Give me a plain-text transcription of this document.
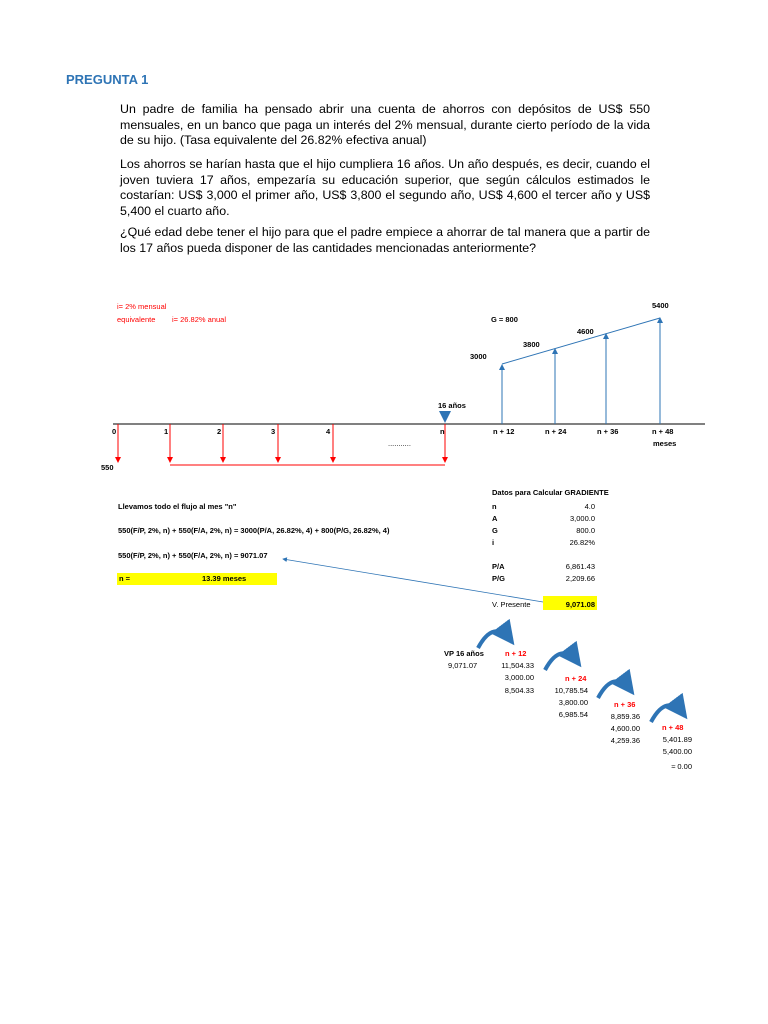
PREGUNTA 1
Un padre de familia ha pensado abrir una cuenta de ahorros con depósitos de US$ 550 mensuales, en un banco que paga un interés del 2% mensual, durante cierto período de la vida de su hijo. (Tasa equivalente del 26.82% efectiva anual)
Los ahorros se harían hasta que el hijo cumpliera 16 años. Un año después, es decir, cuando el joven tuviera 17 años, empezaría su educación superior, que según cálculos estimados le costarían: US$ 3,000 el primer año, US$ 3,800 el segundo año, US$ 4,600 el tercer año y US$ 5,400 el cuarto año.
¿Qué edad debe tener el hijo para que el padre empiece a ahorrar de tal manera que a partir de los 17 años pueda disponer de las cantidades mencionadas anteriormente?
i= 2% mensual
equivalente i= 26.82% anual	G = 800
5400
4600
3800
3000
16 años
0	1	2	3	4	n	n + 12	n + 24	n + 36	n + 48
meses
...........
550
Llevamos todo el flujo al mes "n"
550(F/P, 2%, n) + 550(F/A, 2%, n) = 3000(P/A, 26.82%, 4) + 800(P/G, 26.82%, 4)
550(F/P, 2%, n) + 550(F/A, 2%, n) = 9071.07
n =	13.39 meses
Datos para Calcular GRADIENTE
n	4.0
A	3,000.0
G	800.0
i	26.82%
P/A	6,861.43
P/G	2,209.66
V. Presente	9,071.08
VP 16 años
9,071.07
n + 12
11,504.33
3,000.00
8,504.33
n + 24
10,785.54
3,800.00
6,985.54
n + 36
8,859.36
4,600.00
4,259.36
n + 48
5,401.89
5,400.00
≈ 0.00
